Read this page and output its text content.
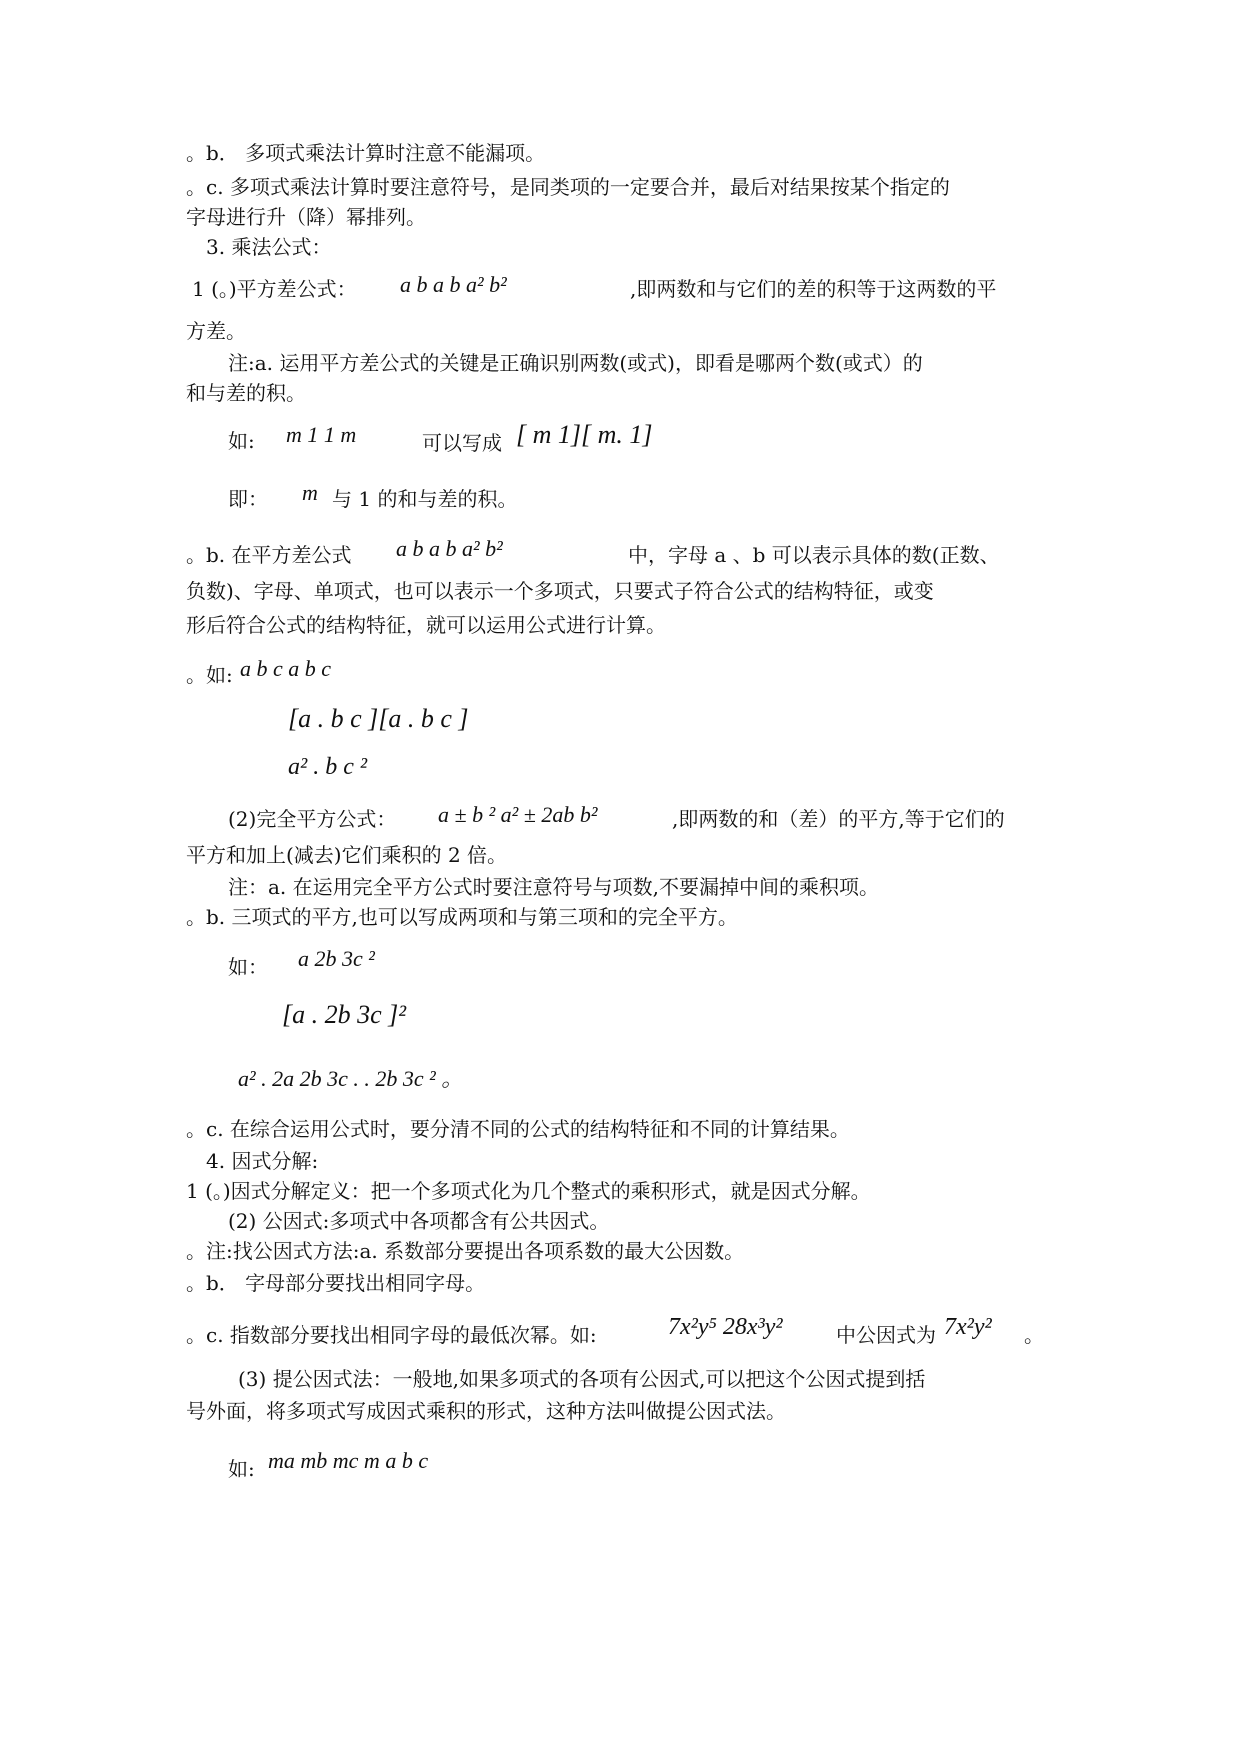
。b． 多项式乘法计算时注意不能漏项。
。c. 多项式乘法计算时要注意符号，是同类项的一定要合并，最后对结果按某个指定的
字母进行升（降）幂排列。
3. 乘法公式：
1 (。)平方差公式： a b a b a² b²	,即两数和与它们的差的积等于这两数的平
方差。
注:a. 运用平方差公式的关键是正确识别两数(或式)，即看是哪两个数(或式）的
和与差的积。
如: m 1 1 m	可以写成 [ m 1][ m. 1]
即： m 与 1 的和与差的积。
。b. 在平方差公式 a b a b a² b²	中，字母 a 、b 可以表示具体的数(正数、
负数)、字母、单项式，也可以表示一个多项式，只要式子符合公式的结构特征，或变
形后符合公式的结构特征，就可以运用公式进行计算。
。如: a b c a b c
[a . b c ][a . b c ]
a² . b c ²
(2)完全平方公式： a ± b ² a² ± 2ab b²	,即两数的和（差）的平方,等于它们的
平方和加上(减去)它们乘积的 2 倍。
注：a. 在运用完全平方公式时要注意符号与项数,不要漏掉中间的乘积项。
。b. 三项式的平方,也可以写成两项和与第三项和的完全平方。
如： a 2b 3c ²
[a . 2b 3c ]²
a² . 2a 2b 3c . . 2b 3c ² 。
。c. 在综合运用公式时，要分清不同的公式的结构特征和不同的计算结果。
4. 因式分解:
1 (。)因式分解定义：把一个多项式化为几个整式的乘积形式，就是因式分解。
(2) 公因式:多项式中各项都含有公共因式。
。注:找公因式方法:a. 系数部分要提出各项系数的最大公因数。
。b． 字母部分要找出相同字母。
。c. 指数部分要找出相同字母的最低次幂。如:	7x²y⁵ 28x³y²	中公因式为 7x²y² 。
(3) 提公因式法：一般地,如果多项式的各项有公因式,可以把这个公因式提到括
号外面，将多项式写成因式乘积的形式，这种方法叫做提公因式法。
如: ma mb mc m a b c
